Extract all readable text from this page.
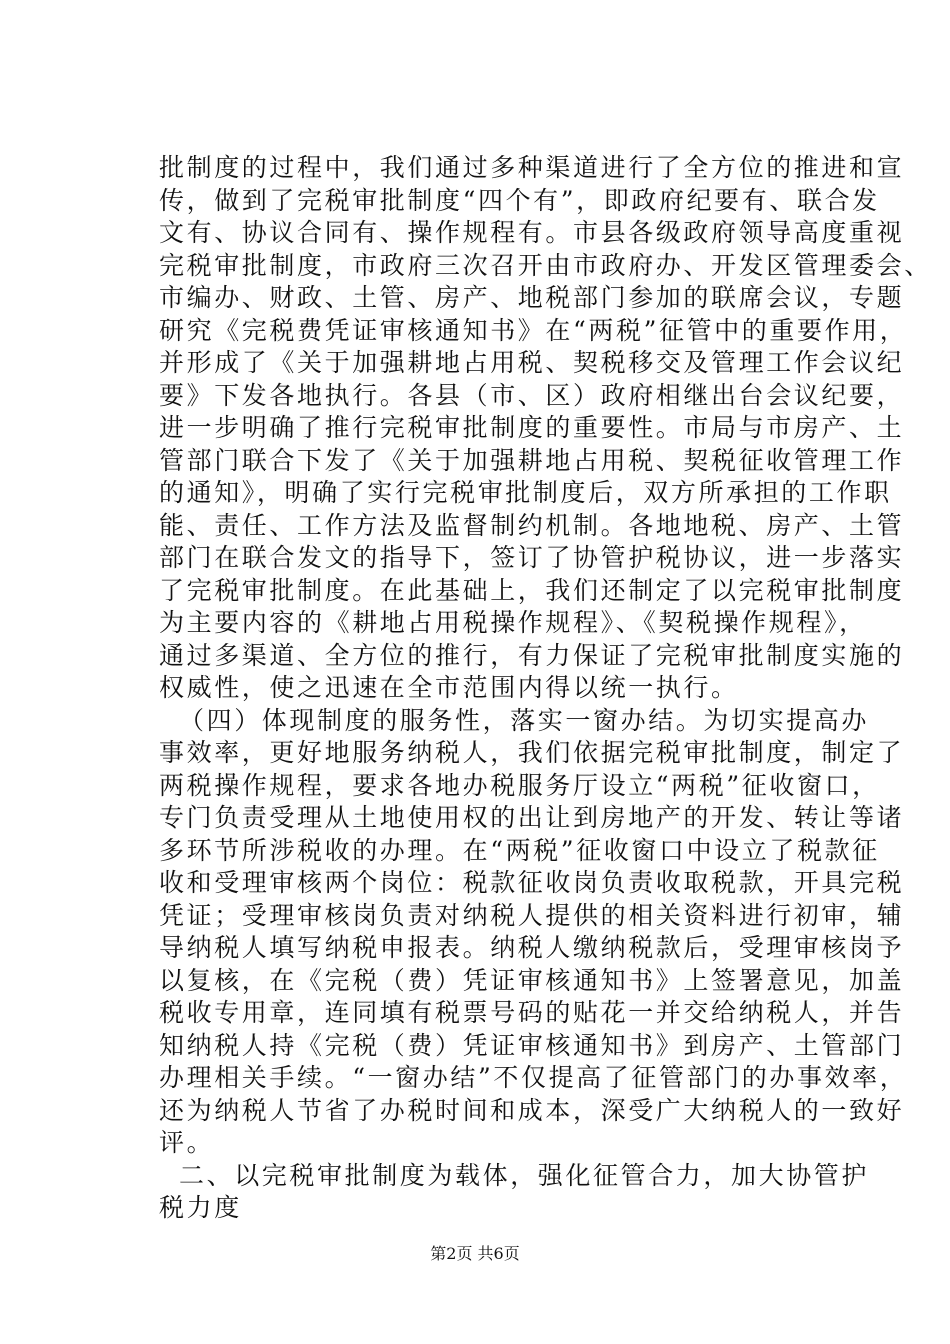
批制度的过程中，我们通过多种渠道进行了全方位的推进和宣
传，做到了完税审批制度“四个有”，即政府纪要有、联合发
文有、协议合同有、操作规程有。市县各级政府领导高度重视
完税审批制度，市政府三次召开由市政府办、开发区管理委会、
市编办、财政、土管、房产、地税部门参加的联席会议，专题
研究《完税费凭证审核通知书》在“两税”征管中的重要作用，
并形成了《关于加强耕地占用税、契税移交及管理工作会议纪
要》下发各地执行。各县（市、区）政府相继出台会议纪要，
进一步明确了推行完税审批制度的重要性。市局与市房产、土
管部门联合下发了《关于加强耕地占用税、契税征收管理工作
的通知》，明确了实行完税审批制度后，双方所承担的工作职
能、责任、工作方法及监督制约机制。各地地税、房产、土管
部门在联合发文的指导下，签订了协管护税协议，进一步落实
了完税审批制度。在此基础上，我们还制定了以完税审批制度
为主要内容的《耕地占用税操作规程》、《契税操作规程》，
通过多渠道、全方位的推行，有力保证了完税审批制度实施的
权威性，使之迅速在全市范围内得以统一执行。
（四）体现制度的服务性，落实一窗办结。为切实提高办
事效率，更好地服务纳税人，我们依据完税审批制度，制定了
两税操作规程，要求各地办税服务厅设立“两税”征收窗口，
专门负责受理从土地使用权的出让到房地产的开发、转让等诸
多环节所涉税收的办理。在“两税”征收窗口中设立了税款征
收和受理审核两个岗位：税款征收岗负责收取税款，开具完税
凭证；受理审核岗负责对纳税人提供的相关资料进行初审，辅
导纳税人填写纳税申报表。纳税人缴纳税款后，受理审核岗予
以复核，在《完税（费）凭证审核通知书》上签署意见，加盖
税收专用章，连同填有税票号码的贴花一并交给纳税人，并告
知纳税人持《完税（费）凭证审核通知书》到房产、土管部门
办理相关手续。“一窗办结”不仅提高了征管部门的办事效率，
还为纳税人节省了办税时间和成本，深受广大纳税人的一致好
评。
二、以完税审批制度为载体，强化征管合力，加大协管护
税力度
第2页 共6页
